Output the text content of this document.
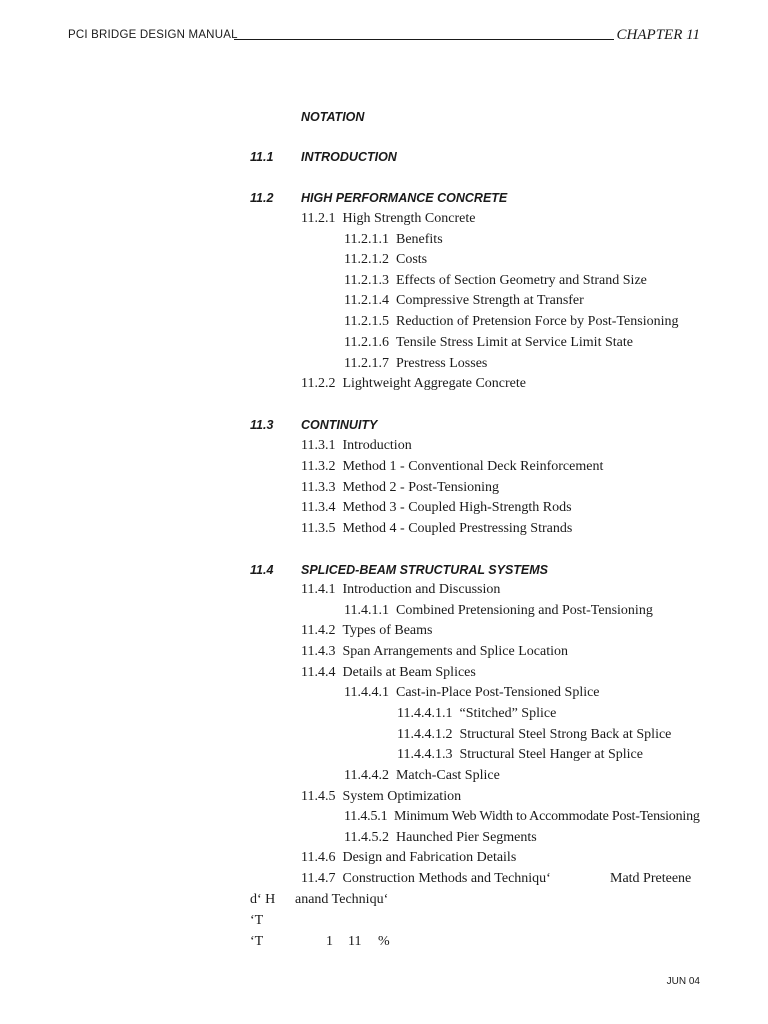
PCI BRIDGE DESIGN MANUAL	CHAPTER 11
NOTATION
11.1 INTRODUCTION
11.2 HIGH PERFORMANCE CONCRETE
11.2.1 High Strength Concrete
11.2.1.1 Benefits
11.2.1.2 Costs
11.2.1.3 Effects of Section Geometry and Strand Size
11.2.1.4 Compressive Strength at Transfer
11.2.1.5 Reduction of Pretension Force by Post-Tensioning
11.2.1.6 Tensile Stress Limit at Service Limit State
11.2.1.7 Prestress Losses
11.2.2 Lightweight Aggregate Concrete
11.3 CONTINUITY
11.3.1 Introduction
11.3.2 Method 1 - Conventional Deck Reinforcement
11.3.3 Method 2 - Post-Tensioning
11.3.4 Method 3 - Coupled High-Strength Rods
11.3.5 Method 4 - Coupled Prestressing Strands
11.4 SPLICED-BEAM STRUCTURAL SYSTEMS
11.4.1 Introduction and Discussion
11.4.1.1 Combined Pretensioning and Post-Tensioning
11.4.2 Types of Beams
11.4.3 Span Arrangements and Splice Location
11.4.4 Details at Beam Splices
11.4.4.1 Cast-in-Place Post-Tensioned Splice
11.4.4.1.1 “Stitched” Splice
11.4.4.1.2 Structural Steel Strong Back at Splice
11.4.4.1.3 Structural Steel Hanger at Splice
11.4.4.2 Match-Cast Splice
11.4.5 System Optimization
11.4.5.1 Minimum Web Width to Accommodate Post-Tensioning
11.4.5.2 Haunched Pier Segments
11.4.6 Design and Fabrication Details
11.4.7 Construction Methods and Techniqu‘	Matd Preteene
d‘ H anand Techniqu‘
‘T
‘T	1 11 %
JUN 04
